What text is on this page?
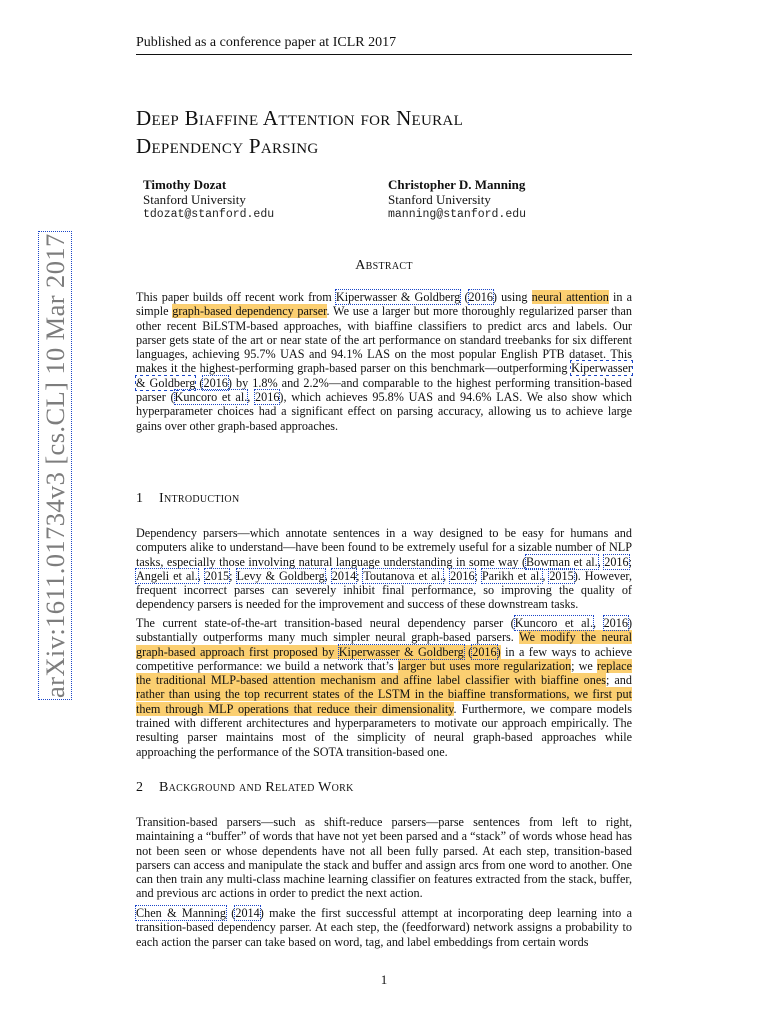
arXiv:1611.01734v3 [cs.CL] 10 Mar 2017
Published as a conference paper at ICLR 2017
Deep Biaffine Attention for Neural
Dependency Parsing
Timothy Dozat
Stanford University
tdozat@stanford.edu
Christopher D. Manning
Stanford University
manning@stanford.edu
Abstract

This paper builds off recent work from Kiperwasser & Goldberg (2016) using neural attention in a simple graph-based dependency parser. We use a larger but more thoroughly regularized parser than other recent BiLSTM-based approaches, with biaffine classifiers to predict arcs and labels. Our parser gets state of the art or near state of the art performance on standard treebanks for six different languages, achieving 95.7% UAS and 94.1% LAS on the most popular English PTB dataset. This makes it the highest-performing graph-based parser on this benchmark—outperforming Kiperwasser & Goldberg (2016) by 1.8% and 2.2%—and comparable to the highest performing transition-based parser (Kuncoro et al., 2016), which achieves 95.8% UAS and 94.6% LAS. We also show which hyperparameter choices had a significant effect on parsing accuracy, allowing us to achieve large gains over other graph-based approaches.

1 Introduction

Dependency parsers—which annotate sentences in a way designed to be easy for humans and computers alike to understand—have been found to be extremely useful for a sizable number of NLP tasks, especially those involving natural language understanding in some way (Bowman et al., 2016; Angeli et al., 2015; Levy & Goldberg, 2014; Toutanova et al., 2016; Parikh et al., 2015). However, frequent incorrect parses can severely inhibit final performance, so improving the quality of dependency parsers is needed for the improvement and success of these downstream tasks.

The current state-of-the-art transition-based neural dependency parser (Kuncoro et al., 2016) substantially outperforms many much simpler neural graph-based parsers. We modify the neural graph-based approach first proposed by Kiperwasser & Goldberg (2016) in a few ways to achieve competitive performance: we build a network that’s larger but uses more regularization; we replace the traditional MLP-based attention mechanism and affine label classifier with biaffine ones; and rather than using the top recurrent states of the LSTM in the biaffine transformations, we first put them through MLP operations that reduce their dimensionality. Furthermore, we compare models trained with different architectures and hyperparameters to motivate our approach empirically. The resulting parser maintains most of the simplicity of neural graph-based approaches while approaching the performance of the SOTA transition-based one.

2 Background and Related Work

Transition-based parsers—such as shift-reduce parsers—parse sentences from left to right, maintaining a “buffer” of words that have not yet been parsed and a “stack” of words whose head has not been seen or whose dependents have not all been fully parsed. At each step, transition-based parsers can access and manipulate the stack and buffer and assign arcs from one word to another. One can then train any multi-class machine learning classifier on features extracted from the stack, buffer, and previous arc actions in order to predict the next action.

Chen & Manning (2014) make the first successful attempt at incorporating deep learning into a transition-based dependency parser. At each step, the (feedforward) network assigns a probability to each action the parser can take based on word, tag, and label embeddings from certain words

1
